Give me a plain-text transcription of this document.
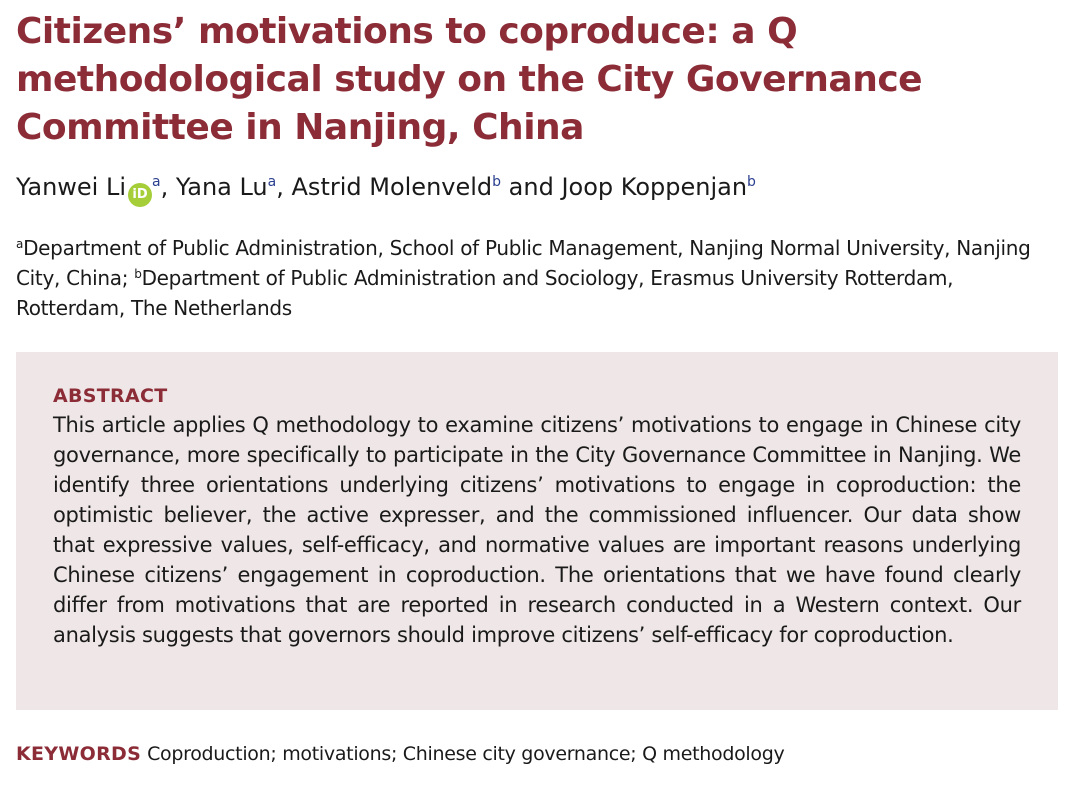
Citizens’ motivations to coproduce: a Q methodological study on the City Governance Committee in Nanjing, China
Yanwei Li $iD^a$, Yana Lu$^a$, Astrid Molenveld$^b$ and Joop Koppenjan$^b$

$^a$Department of Public Administration, School of Public Management, Nanjing Normal University, Nanjing City, China; $^b$Department of Public Administration and Sociology, Erasmus University Rotterdam, Rotterdam, The Netherlands

ABSTRACT

This article applies Q methodology to examine citizens’ motivations to engage in Chinese city governance, more specifically to participate in the City Governance Committee in Nanjing. We identify three orientations underlying citizens’ motivations to engage in coproduction: the optimistic believer, the active expresser, and the commissioned influencer. Our data show that expressive values, self-efficacy, and normative values are important reasons underlying Chinese citizens’ engagement in coproduction. The orientations that we have found clearly differ from motivations that are reported in research conducted in a Western context. Our analysis suggests that governors should improve citizens’ self-efficacy for coproduction.

KEYWORDS Coproduction; motivations; Chinese city governance; Q methodology
